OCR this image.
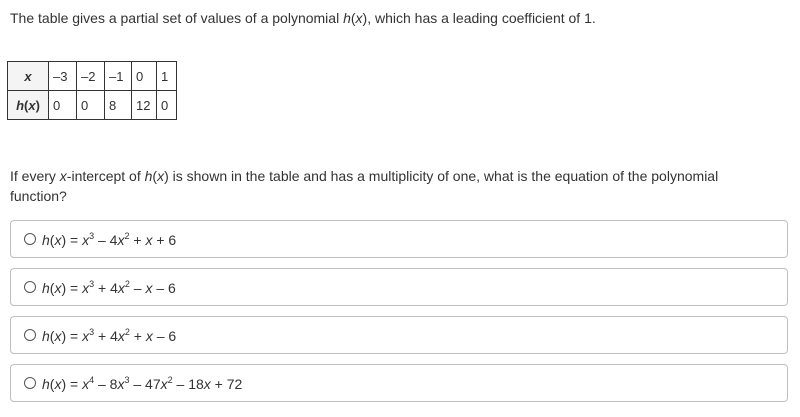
The table gives a partial set of values of a polynomial h(x), which has a leading coefficient of 1.
x	–3	–2	–1	0	1
h(x)	0	0	8	12	0
If every x-intercept of h(x) is shown in the table and has a multiplicity of one, what is the equation of the polynomial function?
$h(x) = x^3 - 4x^2 + x + 6$
$h(x) = x^3 + 4x^2 - x - 6$
$h(x) = x^3 + 4x^2 + x - 6$
$h(x) = x^4 - 8x^3 - 47x^2 - 18x + 72$
